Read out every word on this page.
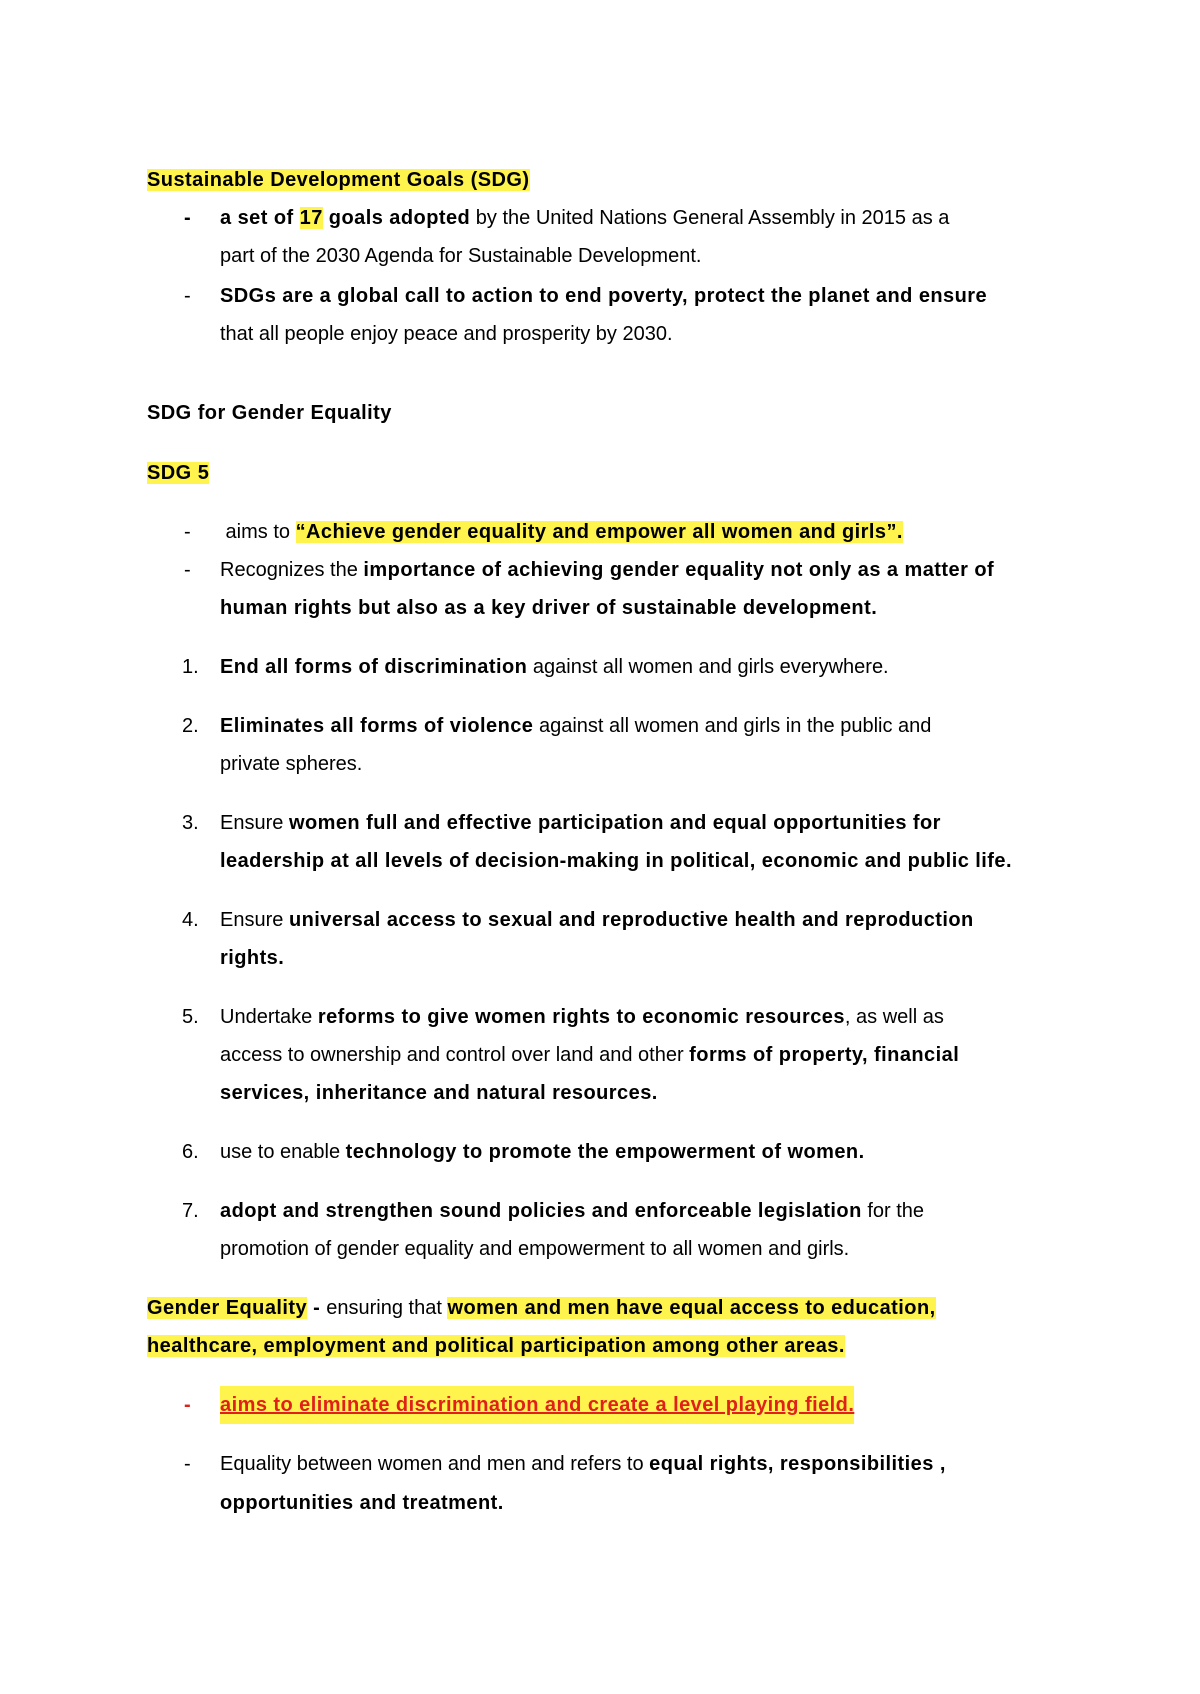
Sustainable Development Goals (SDG)
- a set of 17 goals adopted by the United Nations General Assembly in 2015 as a
part of the 2030 Agenda for Sustainable Development.
- SDGs are a global call to action to end poverty, protect the planet and ensure
that all people enjoy peace and prosperity by 2030.
SDG for Gender Equality
SDG 5
- aims to “Achieve gender equality and empower all women and girls”.
- Recognizes the importance of achieving gender equality not only as a matter of
human rights but also as a key driver of sustainable development.
1. End all forms of discrimination against all women and girls everywhere.
2. Eliminates all forms of violence against all women and girls in the public and
private spheres.
3. Ensure women full and effective participation and equal opportunities for
leadership at all levels of decision-making in political, economic and public life.
4. Ensure universal access to sexual and reproductive health and reproduction
rights.
5. Undertake reforms to give women rights to economic resources, as well as
access to ownership and control over land and other forms of property, financial
services, inheritance and natural resources.
6. use to enable technology to promote the empowerment of women.
7. adopt and strengthen sound policies and enforceable legislation for the
promotion of gender equality and empowerment to all women and girls.
Gender Equality - ensuring that women and men have equal access to education,
healthcare, employment and political participation among other areas.
- aims to eliminate discrimination and create a level playing field.
- Equality between women and men and refers to equal rights, responsibilities ,
opportunities and treatment.
